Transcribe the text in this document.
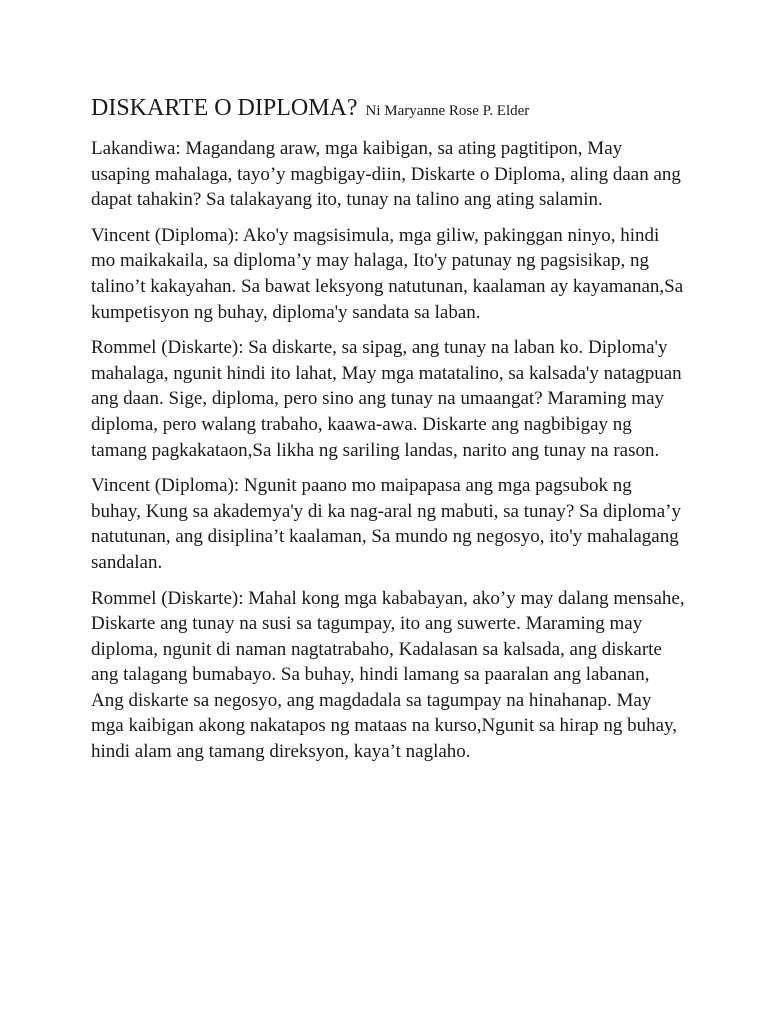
DISKARTE O DIPLOMA? Ni Maryanne Rose P. Elder

Lakandiwa: Magandang araw, mga kaibigan, sa ating pagtitipon, May usaping mahalaga, tayo’y magbigay-diin, Diskarte o Diploma, aling daan ang dapat tahakin? Sa talakayang ito, tunay na talino ang ating salamin.

Vincent (Diploma): Ako'y magsisimula, mga giliw, pakinggan ninyo, hindi mo maikakaila, sa diploma’y may halaga, Ito'y patunay ng pagsisikap, ng talino’t kakayahan. Sa bawat leksyong natutunan, kaalaman ay kayamanan,Sa kumpetisyon ng buhay, diploma'y sandata sa laban.

Rommel (Diskarte): Sa diskarte, sa sipag, ang tunay na laban ko. Diploma'y mahalaga, ngunit hindi ito lahat, May mga matatalino, sa kalsada'y natagpuan ang daan. Sige, diploma, pero sino ang tunay na umaangat? Maraming may diploma, pero walang trabaho, kaawa-awa. Diskarte ang nagbibigay ng tamang pagkakataon,Sa likha ng sariling landas, narito ang tunay na rason.

Vincent (Diploma): Ngunit paano mo maipapasa ang mga pagsubok ng buhay, Kung sa akademya'y di ka nag-aral ng mabuti, sa tunay? Sa diploma’y natutunan, ang disiplina’t kaalaman, Sa mundo ng negosyo, ito'y mahalagang sandalan.

Rommel (Diskarte): Mahal kong mga kababayan, ako’y may dalang mensahe, Diskarte ang tunay na susi sa tagumpay, ito ang suwerte. Maraming may diploma, ngunit di naman nagtatrabaho, Kadalasan sa kalsada, ang diskarte ang talagang bumabayo. Sa buhay, hindi lamang sa paaralan ang labanan, Ang diskarte sa negosyo, ang magdadala sa tagumpay na hinahanap. May mga kaibigan akong nakatapos ng mataas na kurso,Ngunit sa hirap ng buhay, hindi alam ang tamang direksyon, kaya’t naglaho.
